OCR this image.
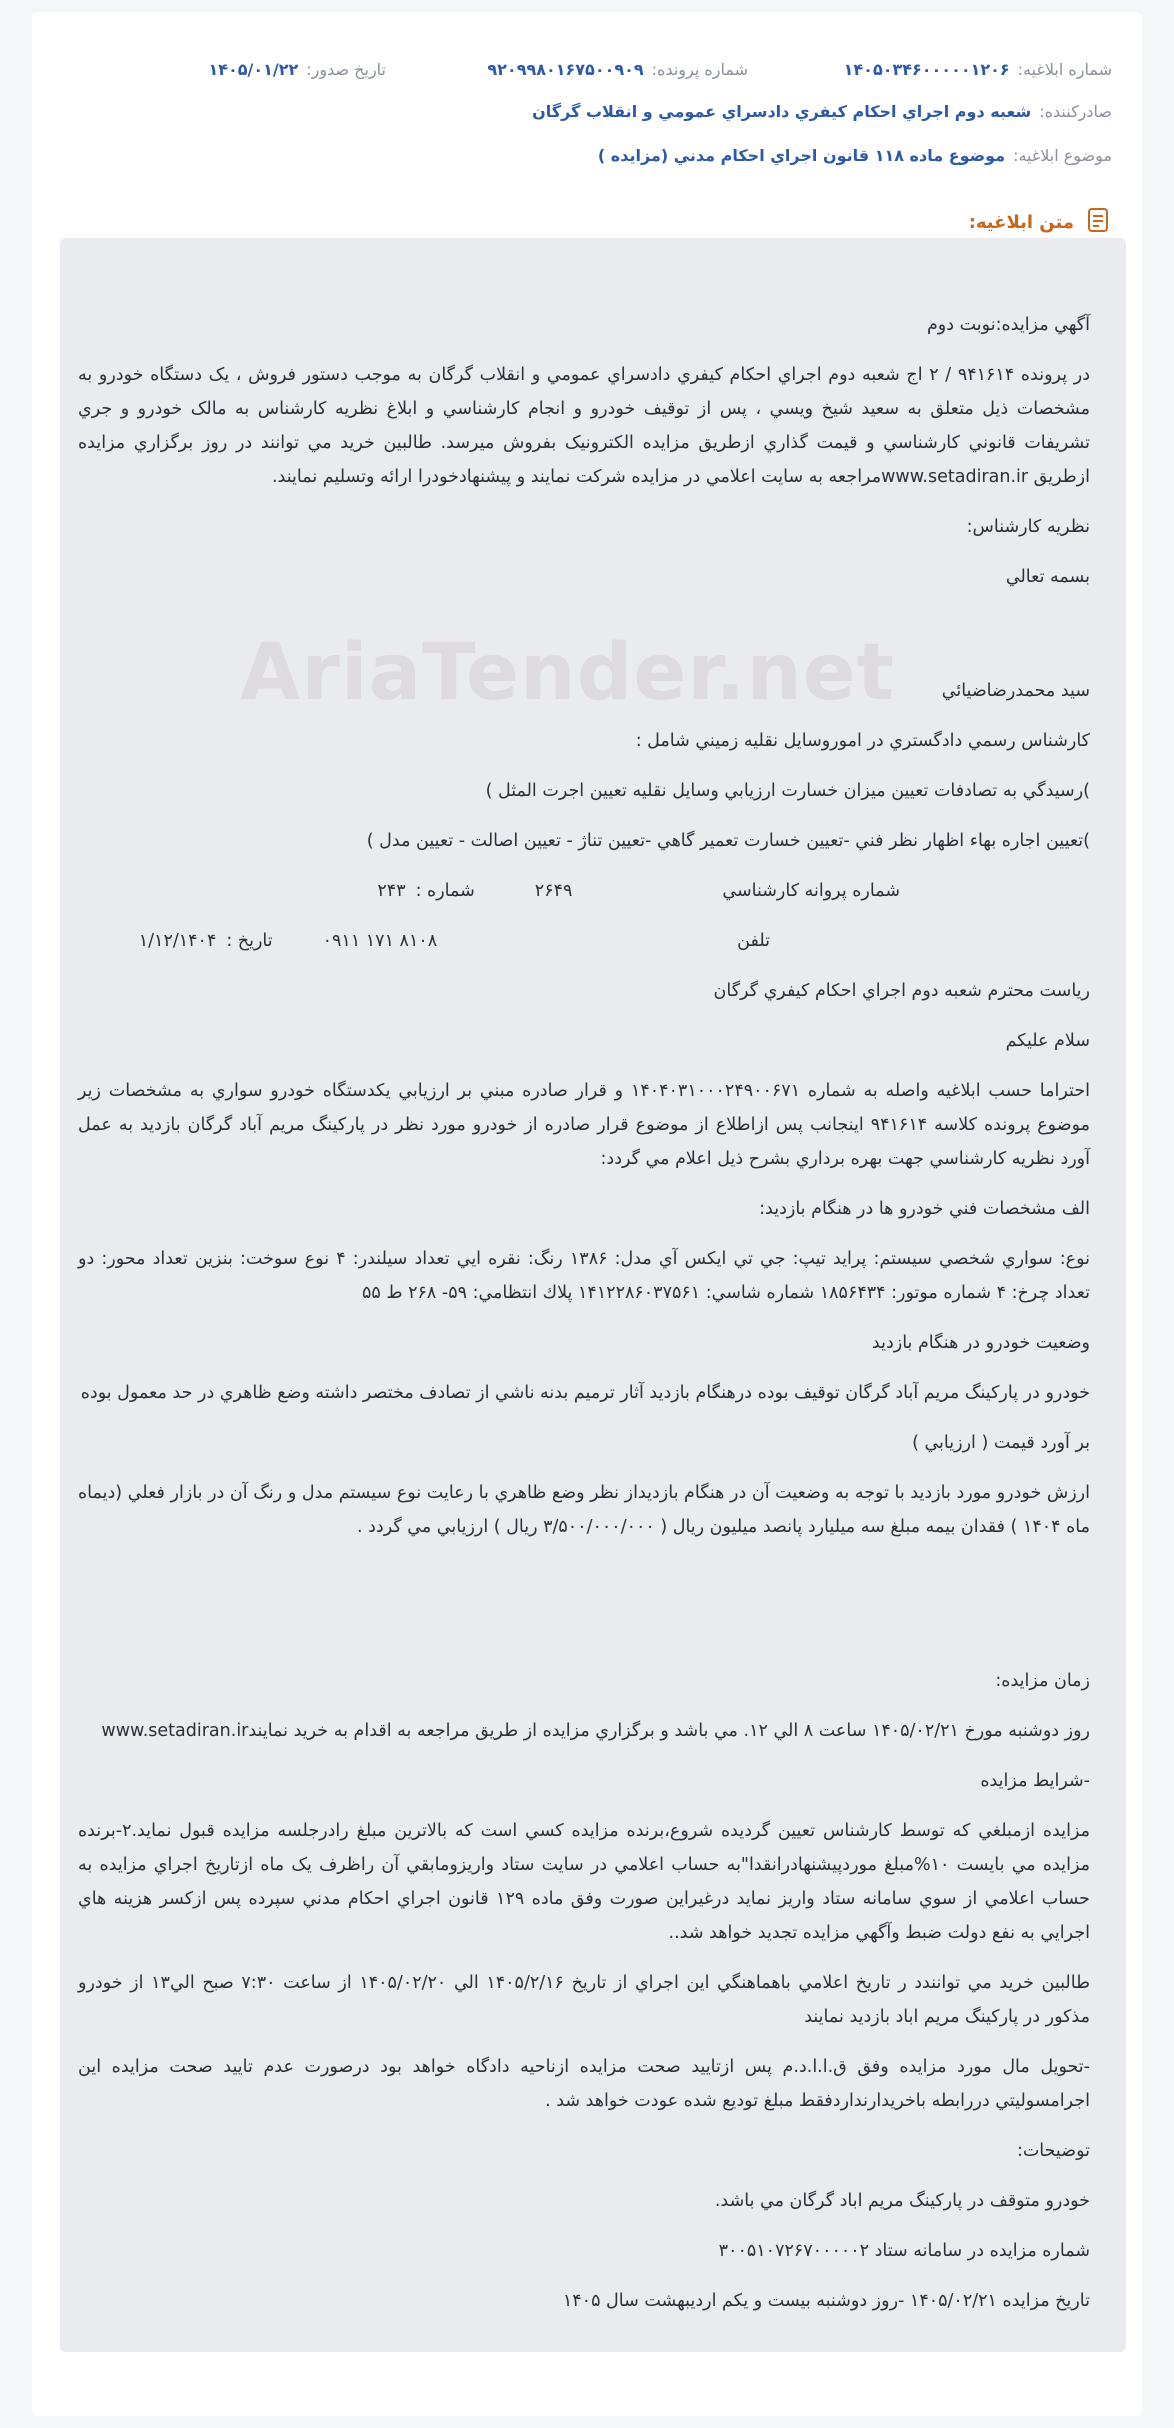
شماره ابلاغيه:
۱۴۰۵۰۳۴۶۰۰۰۰۰۱۲۰۶
شماره پرونده:
۹۲۰۹۹۸۰۱۶۷۵۰۰۹۰۹
تاريخ صدور:
۱۴۰۵/۰۱/۲۲
صادرکننده:
شعبه دوم اجراي احكام كيفري دادسراي عمومي و انقلاب گرگان
موضوع ابلاغيه:
موضوع ماده ۱۱۸ قانون اجراي احكام مدني (مزايده )
متن ابلاغيه:
AriaTender.net

آگهي مزايده:نوبت دوم

در پرونده ۹۴۱۶۱۴ / ۲ اج شعبه دوم اجراي احكام كيفري دادسراي عمومي و انقلاب گرگان به موجب دستور فروش ، يک دستگاه خودرو به مشخصات ذيل متعلق به سعيد شيخ ويسي ، پس از توقيف خودرو و انجام كارشناسي و ابلاغ نظريه كارشناس به مالک خودرو و جري تشريفات قانوني كارشناسي و قيمت گذاري ازطريق مزايده الکترونيک بفروش ميرسد. طالبين خريد مي توانند در روز برگزاري مزايده ازطريق www.setadiran.irمراجعه به سايت اعلامي در مزايده شرکت نمايند و پيشنهادخودرا ارائه وتسليم نمايند.

نظريه كارشناس:

بسمه تعالي

سيد محمدرضاضيائي

كارشناس رسمي دادگستري در اموروسايل نقليه زميني شامل :

)رسيدگي به تصادفات تعيين ميزان خسارت ارزيابي وسايل نقليه تعيين اجرت المثل )

)تعيين اجاره بهاء اظهار نظر فني -تعيين خسارت تعمير گاهي -تعيين تناژ - تعيين اصالت - تعيين مدل )

شماره پروانه كارشناسي
۲۶۴۹
شماره :
۲۴۳

تلفن
۰۹۱۱ ۱۷۱ ۸۱۰۸
تاريخ :
۱/۱۲/۱۴۰۴

رياست محترم شعبه دوم اجراي احكام كيفري گرگان

سلام عليكم

احتراما حسب ابلاغيه واصله به شماره ۱۴۰۴۰۳۱۰۰۰۲۴۹۰۰۶۷۱ و قرار صادره مبني بر ارزيابي يكدستگاه خودرو سواري به مشخصات زير موضوع پرونده كلاسه ۹۴۱۶۱۴ اينجانب پس ازاطلاع از موضوع قرار صادره از خودرو مورد نظر در پاركينگ مريم آباد گرگان بازديد به عمل آورد نظريه كارشناسي جهت بهره برداري بشرح ذيل اعلام مي گردد:

الف مشخصات فني خودرو ها در هنگام بازديد:

نوع: سواري شخصي سيستم: پرايد تيپ: جي تي ايكس آي مدل: ۱۳۸۶ رنگ: نقره ايي تعداد سيلندر: ۴ نوع سوخت: بنزين تعداد محور: دو تعداد چرخ: ۴ شماره موتور: ۱۸۵۶۴۳۴ شماره شاسي: ۱۴۱۲۲۸۶۰۳۷۵۶۱ پلاك انتظامي: ۵۹- ۲۶۸ ط ۵۵

وضعيت خودرو در هنگام بازديد

خودرو در پاركينگ مريم آباد گرگان توقيف بوده درهنگام بازديد آثار ترميم بدنه ناشي از تصادف مختصر داشته وضع ظاهري در حد معمول بوده

بر آورد قيمت ( ارزيابي )

ارزش خودرو مورد بازديد با توجه به وضعيت آن در هنگام بازديداز نظر وضع ظاهري با رعايت نوع سيستم مدل و رنگ آن در بازار فعلي (ديماه ماه ۱۴۰۴ ) فقدان بيمه مبلغ سه ميليارد پانصد ميليون ريال ( ۳/۵۰۰/۰۰۰/۰۰۰ ريال ) ارزيابي مي گردد .

زمان مزايده:

روز دوشنبه مورخ ۱۴۰۵/۰۲/۲۱ ساعت ۸ الي ۱۲. مي باشد و برگزاري مزايده از طريق مراجعه به اقدام به خريد نمايندwww.setadiran.ir

-شرايط مزايده

مزايده ازمبلغي كه توسط كارشناس تعيين گرديده شروع،برنده مزايده كسي است كه بالاترين مبلغ رادرجلسه مزايده قبول نمايد.۲-برنده مزايده مي بايست ۱۰%مبلغ موردپيشنهادرانقدا"به حساب اعلامي در سايت ستاد واريزومابقي آن راظرف يک ماه ازتاريخ اجراي مزايده به حساب اعلامي از سوي سامانه ستاد واريز نمايد درغيراين صورت وفق ماده ۱۲۹ قانون اجراي احكام مدني سپرده پس ازكسر هزينه هاي اجرايي به نفع دولت ضبط وآگهي مزايده تجديد خواهد شد..

طالبين خريد مي توانندد ر تاريخ اعلامي باهماهنگي اين اجراي از تاريخ ۱۴۰۵/۲/۱۶ الي ۱۴۰۵/۰۲/۲۰ از ساعت ۷:۳۰ صبح الي۱۳ از خودرو مذكور در پاركينگ مريم اباد بازديد نمايند

-تحويل مال مورد مزايده وفق ق.ا.ا.د.م پس ازتاييد صحت مزايده ازناحيه دادگاه خواهد بود درصورت عدم تاييد صحت مزايده اين اجرامسوليتي دررابطه باخريدارنداردفقط مبلغ توديع شده عودت خواهد شد .

توضيحات:

خودرو متوقف در پاركينگ مريم اباد گرگان مي باشد.

شماره مزايده در سامانه ستاد ۳۰۰۵۱۰۷۲۶۷۰۰۰۰۰۲

تاريخ مزايده ۱۴۰۵/۰۲/۲۱ -روز دوشنبه بيست و يکم ارديبهشت سال ۱۴۰۵
